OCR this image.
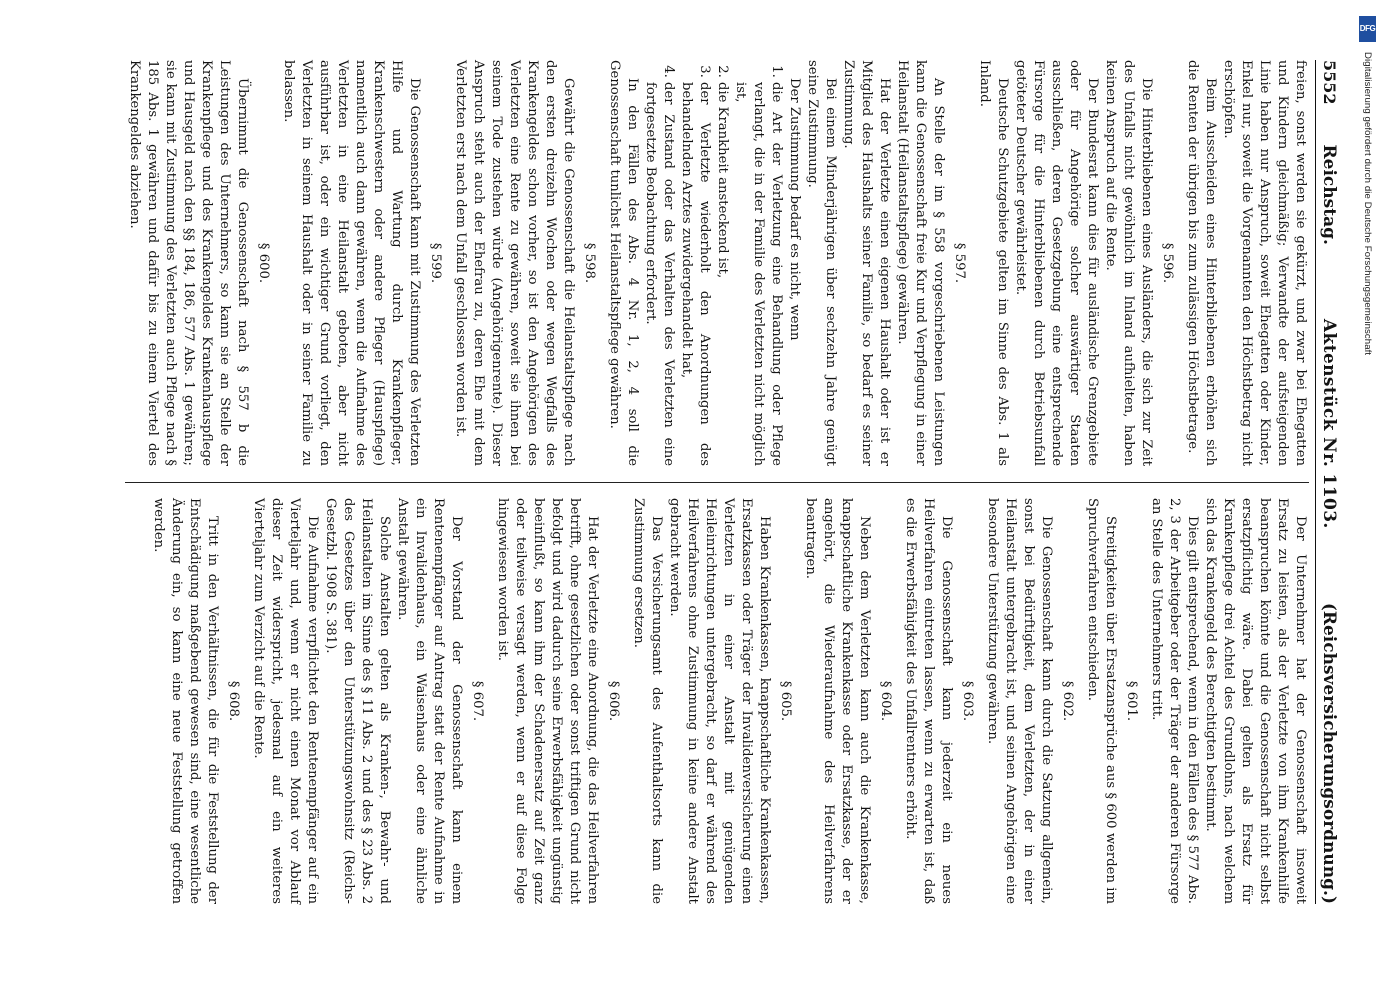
5552
Reichstag.
Aktenstück Nr. 1103.
(Reichsversicherungsordnung.)

freien, sonst werden sie gekürzt, und zwar bei Ehegatten und Kindern gleichmäßig; Verwandte der aufsteigenden Linie haben nur Anspruch, soweit Ehegatten oder Kinder, Enkel nur, soweit die Vorgenannten den Höchstbetrag nicht erschöpfen.

Beim Ausscheiden eines Hinterbliebenen erhöhen sich die Renten der übrigen bis zum zulässigen Höchstbetrage.

§ 596.

Die Hinterbliebenen eines Ausländers, die sich zur Zeit des Unfalls nicht gewöhnlich im Inland aufhielten, haben keinen Anspruch auf die Rente.

Der Bundesrat kann dies für ausländische Grenzgebiete oder für Angehörige solcher auswärtiger Staaten ausschließen, deren Gesetzgebung eine entsprechende Fürsorge für die Hinterbliebenen durch Betriebsunfall getöteter Deutscher gewährleistet.

Deutsche Schutzgebiete gelten im Sinne des Abs. 1 als Inland.

§ 597.

An Stelle der im § 558 vorgeschriebenen Leistungen kann die Genossenschaft freie Kur und Verpflegung in einer Heilanstalt (Heilanstaltspflege) gewähren.

Hat der Verletzte einen eigenen Haushalt oder ist er Mitglied des Haushalts seiner Familie, so bedarf es seiner Zustimmung.

Bei einem Minderjährigen über sechzehn Jahre genügt seine Zustimmung.

Der Zustimmung bedarf es nicht, wenn

1. die Art der Verletzung eine Behandlung oder Pflege verlangt, die in der Familie des Verletzten nicht möglich ist,
2. die Krankheit ansteckend ist,
3. der Verletzte wiederholt den Anordnungen des behandelnden Arztes zuwidergehandelt hat,
4. der Zustand oder das Verhalten des Verletzten eine fortgesetzte Beobachtung erfordert.

In den Fällen des Abs. 4 Nr. 1, 2, 4 soll die Genossenschaft tunlichst Heilanstaltspflege gewähren.

§ 598.

Gewährt die Genossenschaft die Heilanstaltspflege nach den ersten dreizehn Wochen oder wegen Wegfalls des Krankengeldes schon vorher, so ist den Angehörigen des Verletzten eine Rente zu gewähren, soweit sie ihnen bei seinem Tode zustehen würde (Angehörigenrente). Dieser Anspruch steht auch der Ehefrau zu, deren Ehe mit dem Verletzten erst nach dem Unfall geschlossen worden ist.

§ 599.

Die Genossenschaft kann mit Zustimmung des Verletzten Hilfe und Wartung durch Krankenpfleger, Krankenschwestern oder andere Pfleger (Hauspflege) namentlich auch dann gewähren, wenn die Aufnahme des Verletzten in eine Heilanstalt geboten, aber nicht ausführbar ist, oder ein wichtiger Grund vorliegt, den Verletzten in seinem Haushalt oder in seiner Familie zu belassen.

§ 600.

Übernimmt die Genossenschaft nach § 557 b die Leistungen des Unternehmers, so kann sie an Stelle der Krankenpflege und des Krankengeldes Krankenhauspflege und Hausgeld nach den §§ 184, 186, 577 Abs. 1 gewähren; sie kann mit Zustimmung des Verletzten auch Pflege nach § 185 Abs. 1 gewähren und dafür bis zu einem Viertel des Krankengeldes abziehen.

Der Unternehmer hat der Genossenschaft insoweit Ersatz zu leisten, als der Verletzte von ihm Krankenhilfe beanspruchen könnte und die Genossenschaft nicht selbst ersatzpflichtig wäre. Dabei gelten als Ersatz für Krankenpflege drei Achtel des Grundlohns, nach welchem sich das Krankengeld des Berechtigten bestimmt.

Dies gilt entsprechend, wenn in den Fällen des § 577 Abs. 2, 3 der Arbeitgeber oder der Träger der anderen Fürsorge an Stelle des Unternehmers tritt.

§ 601.

Streitigkeiten über Ersatzansprüche aus § 600 werden im Spruchverfahren entschieden.

§ 602.

Die Genossenschaft kann durch die Satzung allgemein, sonst bei Bedürftigkeit, dem Verletzten, der in einer Heilanstalt untergebracht ist, und seinen Angehörigen eine besondere Unterstützung gewähren.

§ 603.

Die Genossenschaft kann jederzeit ein neues Heilverfahren eintreten lassen, wenn zu erwarten ist, daß es die Erwerbsfähigkeit des Unfallrentners erhöht.

§ 604.

Neben dem Verletzten kann auch die Krankenkasse, knappschaftliche Krankenkasse oder Ersatzkasse, der er angehört, die Wiederaufnahme des Heilverfahrens beantragen.

§ 605.

Haben Krankenkassen, knappschaftliche Krankenkassen, Ersatzkassen oder Träger der Invalidenversicherung einen Verletzten in einer Anstalt mit genügenden Heileinrichtungen untergebracht, so darf er während des Heilverfahrens ohne Zustimmung in keine andere Anstalt gebracht werden.

Das Versicherungsamt des Aufenthaltsorts kann die Zustimmung ersetzen.

§ 606.

Hat der Verletzte eine Anordnung, die das Heilverfahren betrifft, ohne gesetzlichen oder sonst triftigen Grund nicht befolgt und wird dadurch seine Erwerbsfähigkeit ungünstig beeinflußt, so kann ihm der Schadenersatz auf Zeit ganz oder teilweise versagt werden, wenn er auf diese Folge hingewiesen worden ist.

§ 607.

Der Vorstand der Genossenschaft kann einem Rentenempfänger auf Antrag statt der Rente Aufnahme in ein Invalidenhaus, ein Waisenhaus oder eine ähnliche Anstalt gewähren.

Solche Anstalten gelten als Kranken-, Bewahr- und Heilanstalten im Sinne des § 11 Abs. 2 und des § 23 Abs. 2 des Gesetzes über den Unterstützungswohnsitz (Reichs-Gesetzbl. 1908 S. 381).

Die Aufnahme verpflichtet den Rentenempfänger auf ein Vierteljahr und, wenn er nicht einen Monat vor Ablauf dieser Zeit widerspricht, jedesmal auf ein weiteres Vierteljahr zum Verzicht auf die Rente.

§ 608.

Tritt in den Verhältnissen, die für die Feststellung der Entschädigung maßgebend gewesen sind, eine wesentliche Änderung ein, so kann eine neue Feststellung getroffen werden.

DFG
Digitalisierung gefördert durch die Deutsche Forschungsgemeinschaft
